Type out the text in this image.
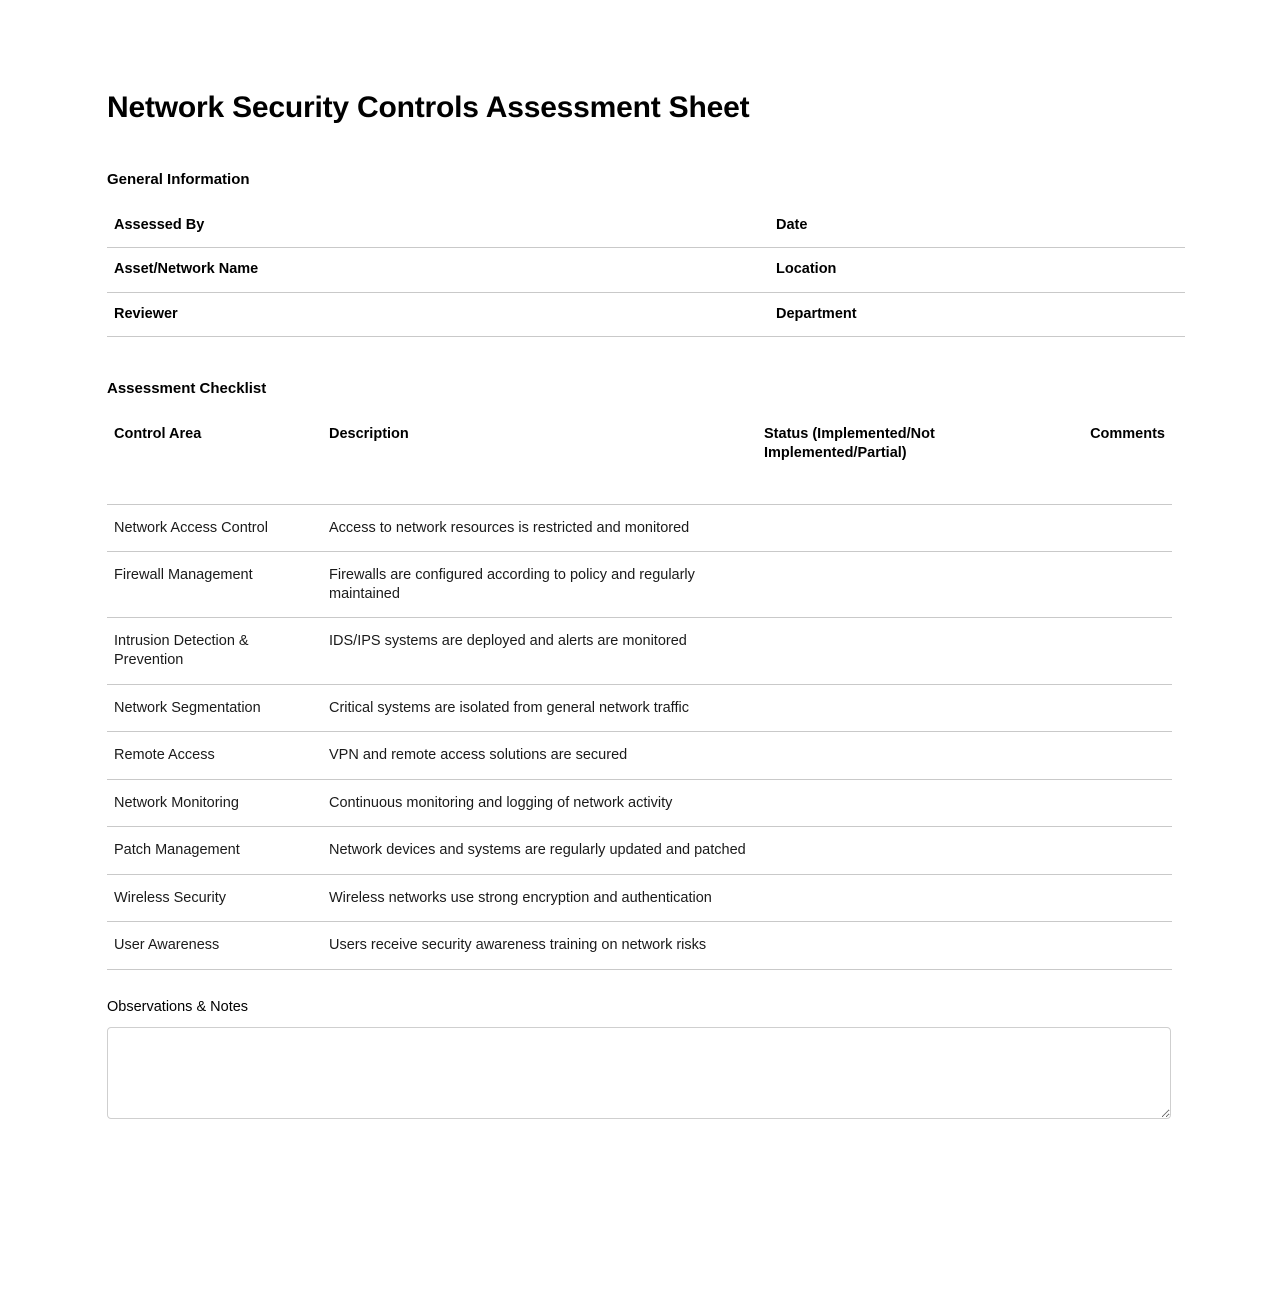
Network Security Controls Assessment Sheet
General Information
Assessed By	Date
Asset/Network Name	Location
Reviewer	Department
Assessment Checklist
Control Area	Description	Status (Implemented/Not Implemented/Partial)	Comments
Network Access Control	Access to network resources is restricted and monitored		
Firewall Management	Firewalls are configured according to policy and regularly maintained		
Intrusion Detection & Prevention	IDS/IPS systems are deployed and alerts are monitored		
Network Segmentation	Critical systems are isolated from general network traffic		
Remote Access	VPN and remote access solutions are secured		
Network Monitoring	Continuous monitoring and logging of network activity		
Patch Management	Network devices and systems are regularly updated and patched		
Wireless Security	Wireless networks use strong encryption and authentication		
User Awareness	Users receive security awareness training on network risks		
Observations & Notes
